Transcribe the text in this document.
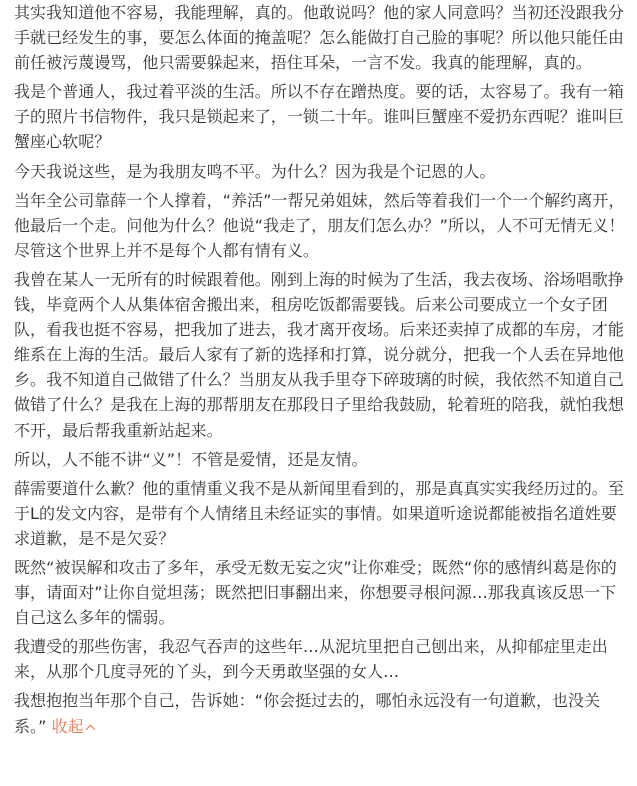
其实我知道他不容易，我能理解，真的。他敢说吗？他的家人同意吗？当初还没跟我分手就已经发生的事，要怎么体面的掩盖呢？怎么能做打自己脸的事呢？所以他只能任由前任被污蔑谩骂，他只需要躲起来，捂住耳朵，一言不发。我真的能理解，真的。

我是个普通人，我过着平淡的生活。所以不存在蹭热度。要的话，太容易了。我有一箱子的照片书信物件，我只是锁起来了，一锁二十年。谁叫巨蟹座不爱扔东西呢？谁叫巨蟹座心软呢？

今天我说这些，是为我朋友鸣不平。为什么？因为我是个记恩的人。

当年全公司靠薛一个人撑着，“养活”一帮兄弟姐妹，然后等着我们一个一个解约离开，他最后一个走。问他为什么？他说“我走了，朋友们怎么办？”所以，人不可无情无义！尽管这个世界上并不是每个人都有情有义。

我曾在某人一无所有的时候跟着他。刚到上海的时候为了生活，我去夜场、浴场唱歌挣钱，毕竟两个人从集体宿舍搬出来，租房吃饭都需要钱。后来公司要成立一个女子团队，看我也挺不容易，把我加了进去，我才离开夜场。后来还卖掉了成都的车房，才能维系在上海的生活。最后人家有了新的选择和打算，说分就分，把我一个人丢在异地他乡。我不知道自己做错了什么？当朋友从我手里夺下碎玻璃的时候，我依然不知道自己做错了什么？是我在上海的那帮朋友在那段日子里给我鼓励，轮着班的陪我，就怕我想不开，最后帮我重新站起来。

所以，人不能不讲“义”！不管是爱情，还是友情。

薛需要道什么歉？他的重情重义我不是从新闻里看到的，那是真真实实我经历过的。至于L的发文内容，是带有个人情绪且未经证实的事情。如果道听途说都能被指名道姓要求道歉，是不是欠妥？

既然“被误解和攻击了多年，承受无数无妄之灾”让你难受；既然“你的感情纠葛是你的事，请面对”让你自觉坦荡；既然把旧事翻出来，你想要寻根问源…那我真该反思一下自己这么多年的懦弱。

我遭受的那些伤害，我忍气吞声的这些年…从泥坑里把自己刨出来，从抑郁症里走出来，从那个几度寻死的丫头，到今天勇敢坚强的女人…

我想抱抱当年那个自己，告诉她：“你会挺过去的，哪怕永远没有一句道歉，也没关系。” 收起
